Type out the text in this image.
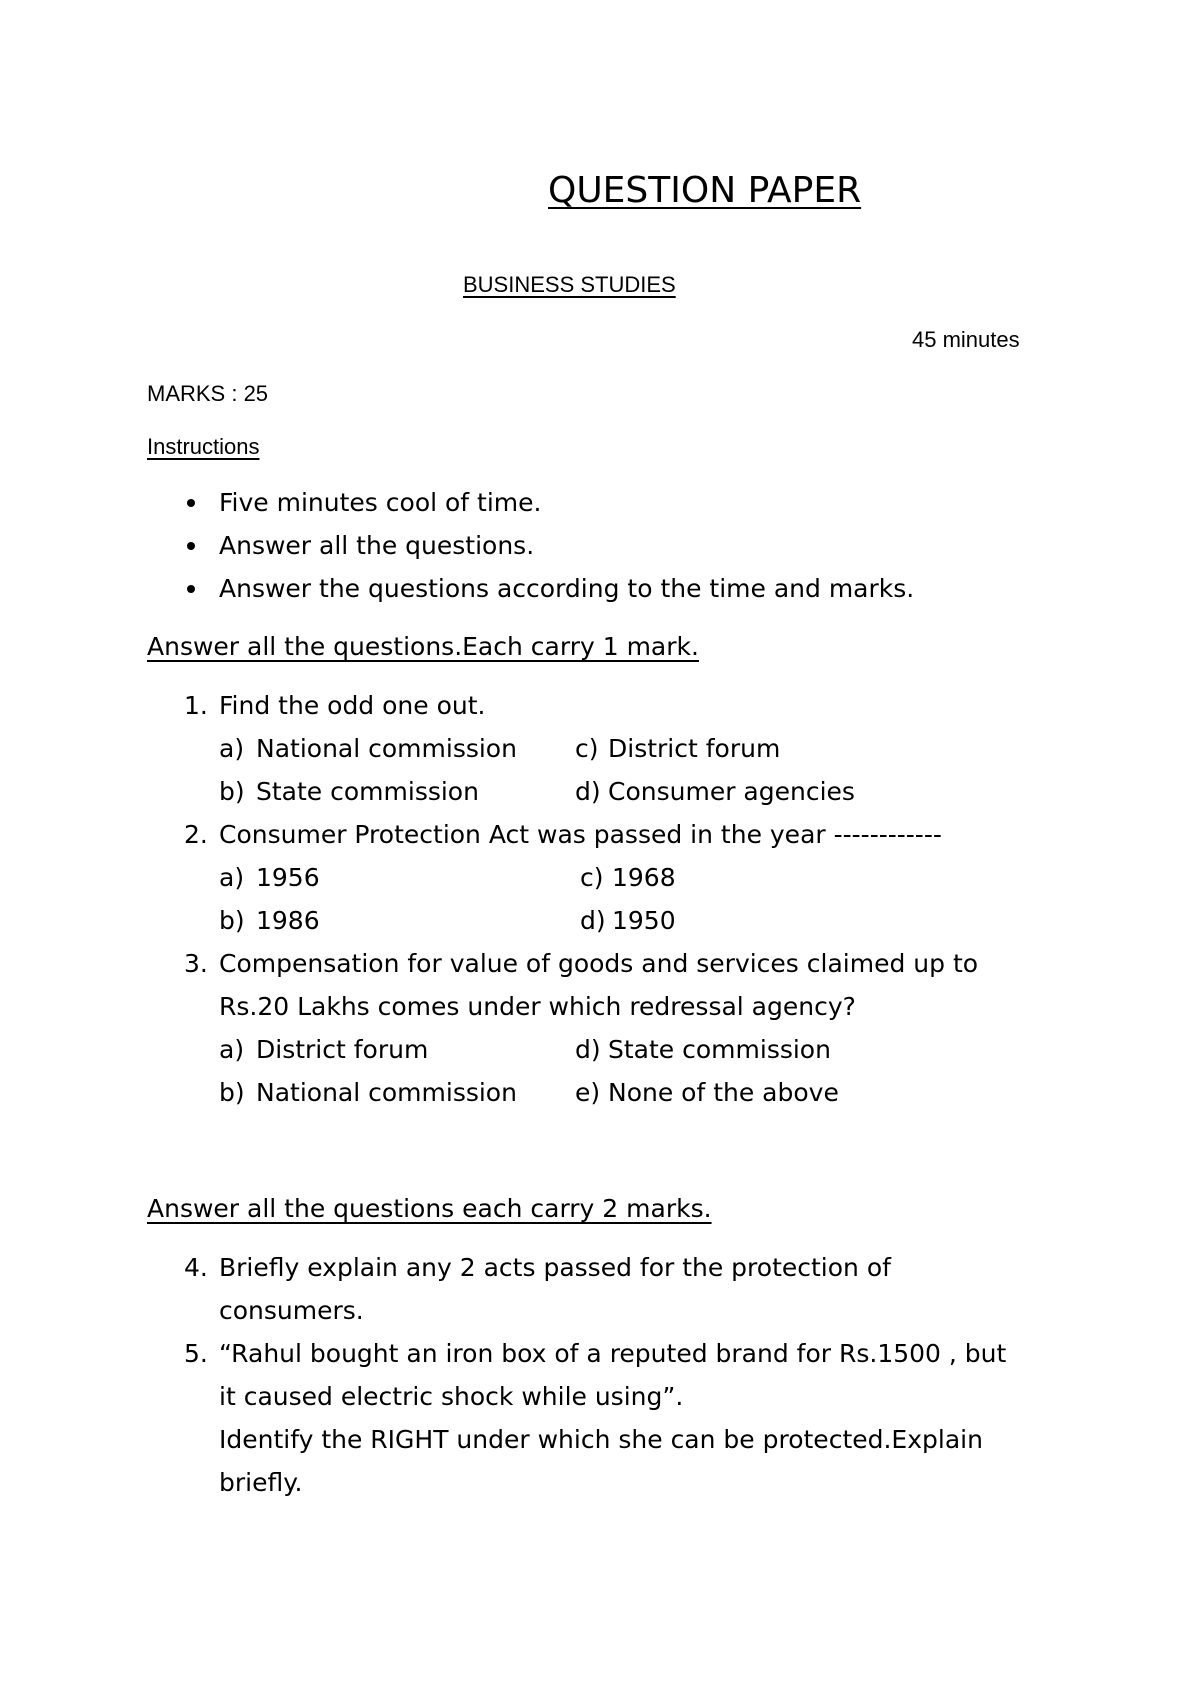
QUESTION PAPER
BUSINESS STUDIES
45 minutes
MARKS : 25
Instructions
Five minutes cool of time.
Answer all the questions.
Answer the questions according to the time and marks.
Answer all the questions.Each carry 1 mark.
1. Find the odd one out.
a) National commission c) District forum
b) State commission	d) Consumer agencies
2. Consumer Protection Act was passed in the year ------------
a) 1956	c) 1968
b) 1986	d) 1950
3. Compensation for value of goods and services claimed up to
Rs.20 Lakhs comes under which redressal agency?
a) District forum	d) State commission
b) National commission e) None of the above
Answer all the questions each carry 2 marks.
4. Briefly explain any 2 acts passed for the protection of
consumers.
5. “Rahul bought an iron box of a reputed brand for Rs.1500 , but
it caused electric shock while using”.
Identify the RIGHT under which she can be protected.Explain
briefly.
